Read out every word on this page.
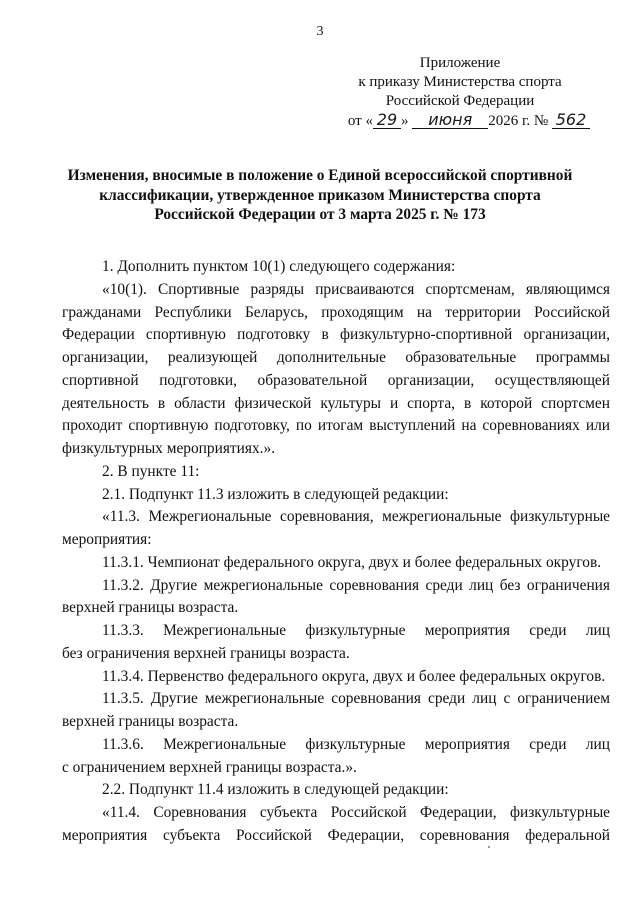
3
Приложение
к приказу Министерства спорта
Российской Федерации
от « 29 » июня 2026 г. № 562
Изменения, вносимые в положение о Единой всероссийской спортивной
классификации, утвержденное приказом Министерства спорта
Российской Федерации от 3 марта 2025 г. № 173
1. Дополнить пунктом 10(1) следующего содержания:
«10(1). Спортивные разряды присваиваются спортсменам, являющимся
гражданами Республики Беларусь, проходящим на территории Российской
Федерации спортивную подготовку в физкультурно-спортивной организации,
организации, реализующей дополнительные образовательные программы
спортивной подготовки, образовательной организации, осуществляющей
деятельность в области физической культуры и спорта, в которой спортсмен
проходит спортивную подготовку, по итогам выступлений на соревнованиях или
физкультурных мероприятиях.».
2. В пункте 11:
2.1. Подпункт 11.3 изложить в следующей редакции:
«11.3. Межрегиональные соревнования, межрегиональные физкультурные
мероприятия:
11.3.1. Чемпионат федерального округа, двух и более федеральных округов.
11.3.2. Другие межрегиональные соревнования среди лиц без ограничения
верхней границы возраста.
11.3.3. Межрегиональные физкультурные мероприятия среди лиц
без ограничения верхней границы возраста.
11.3.4. Первенство федерального округа, двух и более федеральных округов.
11.3.5. Другие межрегиональные соревнования среди лиц с ограничением
верхней границы возраста.
11.3.6. Межрегиональные физкультурные мероприятия среди лиц
с ограничением верхней границы возраста.».
2.2. Подпункт 11.4 изложить в следующей редакции:
«11.4. Соревнования субъекта Российской Федерации, физкультурные
мероприятия субъекта Российской Федерации, соревнования федеральной
